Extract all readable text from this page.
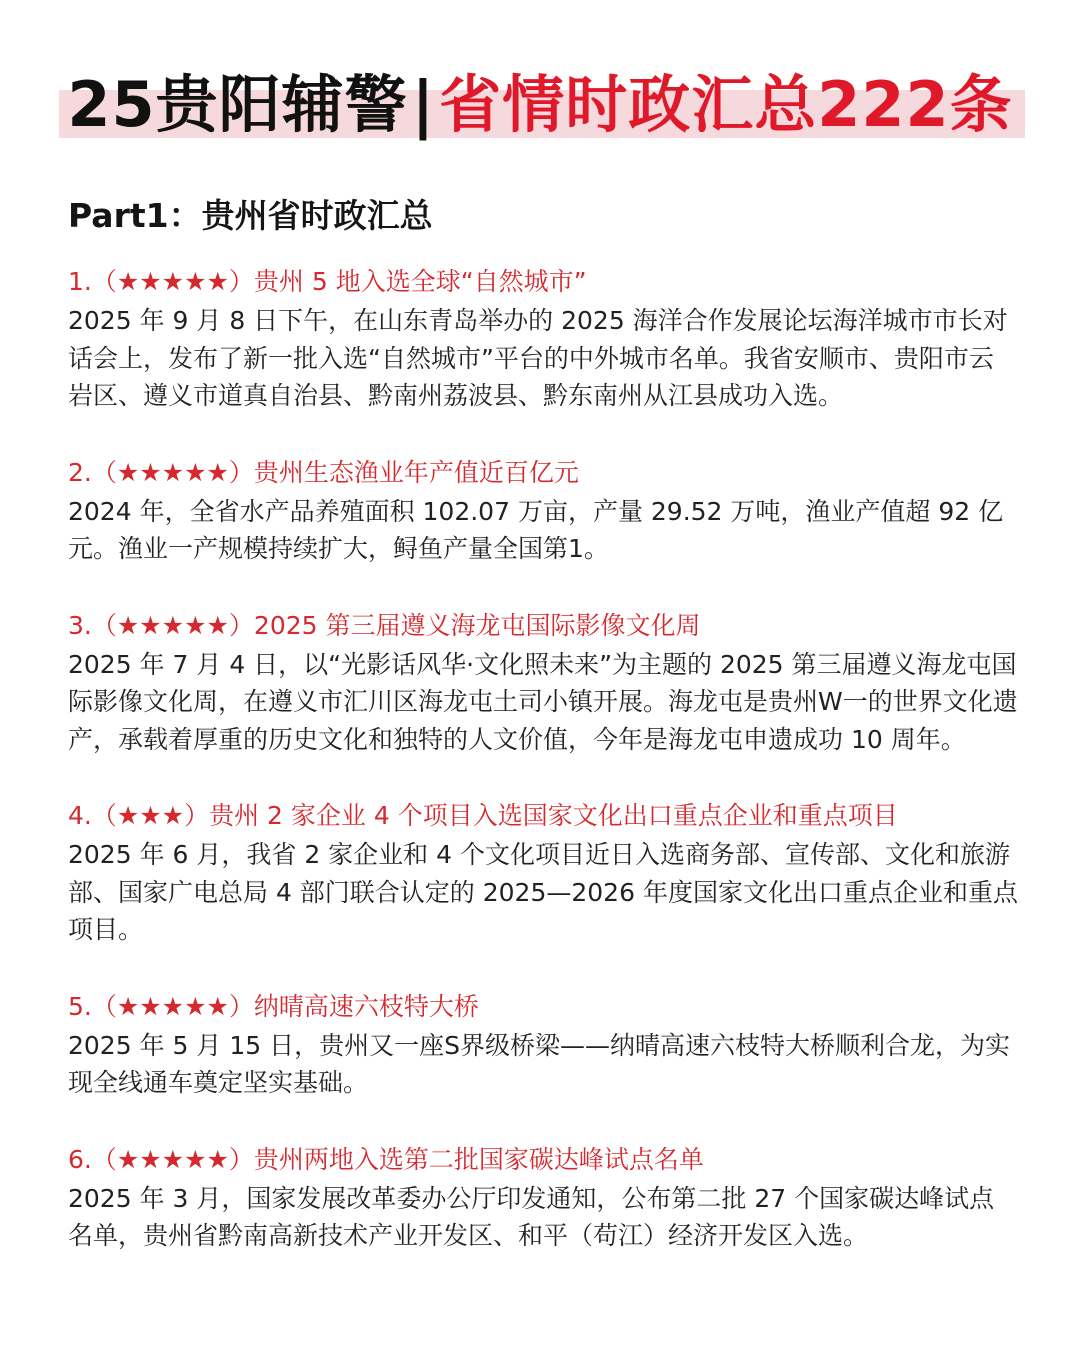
25贵阳辅警|省情时政汇总222条
Part1：贵州省时政汇总
1.（★★★★★）贵州 5 地入选全球“自然城市”

2025 年 9 月 8 日下午，在山东青岛举办的 2025 海洋合作发展论坛海洋城市市长对话会上，发布了新一批入选“自然城市”平台的中外城市名单。我省安顺市、贵阳市云岩区、遵义市道真自治县、黔南州荔波县、黔东南州从江县成功入选。

2.（★★★★★）贵州生态渔业年产值近百亿元

2024 年，全省水产品养殖面积 102.07 万亩，产量 29.52 万吨，渔业产值超 92 亿元。渔业一产规模持续扩大，鲟鱼产量全国第1。

3.（★★★★★）2025 第三届遵义海龙屯国际影像文化周

2025 年 7 月 4 日，以“光影话风华·文化照未来”为主题的 2025 第三届遵义海龙屯国际影像文化周，在遵义市汇川区海龙屯土司小镇开展。海龙屯是贵州W一的世界文化遗产，承载着厚重的历史文化和独特的人文价值，今年是海龙屯申遗成功 10 周年。

4.（★★★）贵州 2 家企业 4 个项目入选国家文化出口重点企业和重点项目

2025 年 6 月，我省 2 家企业和 4 个文化项目近日入选商务部、宣传部、文化和旅游部、国家广电总局 4 部门联合认定的 2025—2026 年度国家文化出口重点企业和重点项目。

5.（★★★★★）纳晴高速六枝特大桥

2025 年 5 月 15 日，贵州又一座S界级桥梁——纳晴高速六枝特大桥顺利合龙，为实现全线通车奠定坚实基础。

6.（★★★★★）贵州两地入选第二批国家碳达峰试点名单

2025 年 3 月，国家发展改革委办公厅印发通知，公布第二批 27 个国家碳达峰试点名单，贵州省黔南高新技术产业开发区、和平（苟江）经济开发区入选。
